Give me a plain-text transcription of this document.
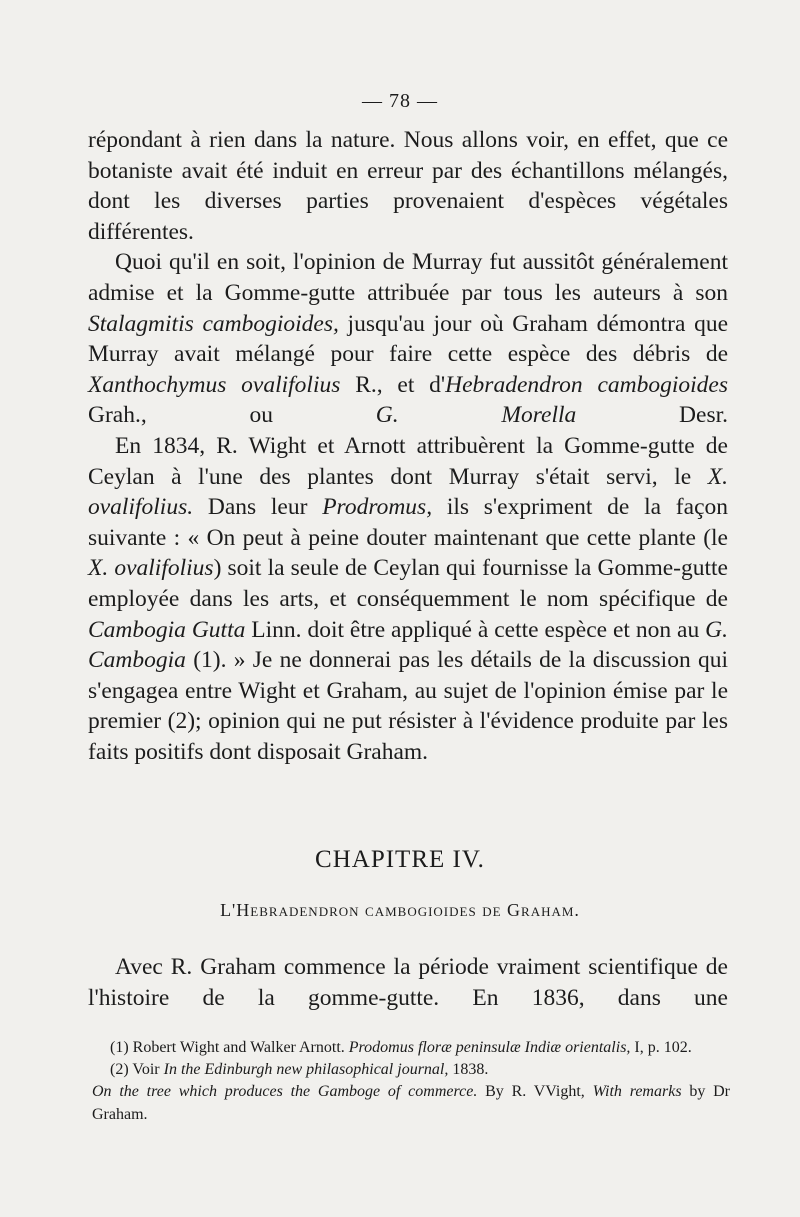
— 78 —

répondant à rien dans la nature. Nous allons voir, en effet, que ce botaniste avait été induit en erreur par des échantillons mélangés, dont les diverses parties provenaient d'espèces végétales différentes.

Quoi qu'il en soit, l'opinion de Murray fut aussitôt généralement admise et la Gomme-gutte attribuée par tous les auteurs à son Stalagmitis cambogioides, jusqu'au jour où Graham démontra que Murray avait mélangé pour faire cette espèce des débris de Xanthochymus ovalifolius R., et d'Hebradendron cambogioides Grah., ou G. Morella Desr.

En 1834, R. Wight et Arnott attribuèrent la Gomme-gutte de Ceylan à l'une des plantes dont Murray s'était servi, le X. ovalifolius. Dans leur Prodromus, ils s'expriment de la façon suivante : « On peut à peine douter maintenant que cette plante (le X. ovalifolius) soit la seule de Ceylan qui fournisse la Gomme-gutte employée dans les arts, et conséquemment le nom spécifique de Cambogia Gutta Linn. doit être appliqué à cette espèce et non au G. Cambogia (1). » Je ne donnerai pas les détails de la discussion qui s'engagea entre Wight et Graham, au sujet de l'opinion émise par le premier (2); opinion qui ne put résister à l'évidence produite par les faits positifs dont disposait Graham.

CHAPITRE IV.
L'Hebradendron cambogioides de Graham.

Avec R. Graham commence la période vraiment scientifique de l'histoire de la gomme-gutte. En 1836, dans une

(1) Robert Wight and Walker Arnott. Prodomus floræ peninsulæ Indiæ orientalis, I, p. 102.

(2) Voir In the Edinburgh new philasophical journal, 1838.

On the tree which produces the Gamboge of commerce. By R. VVight, With remarks by Dr Graham.
